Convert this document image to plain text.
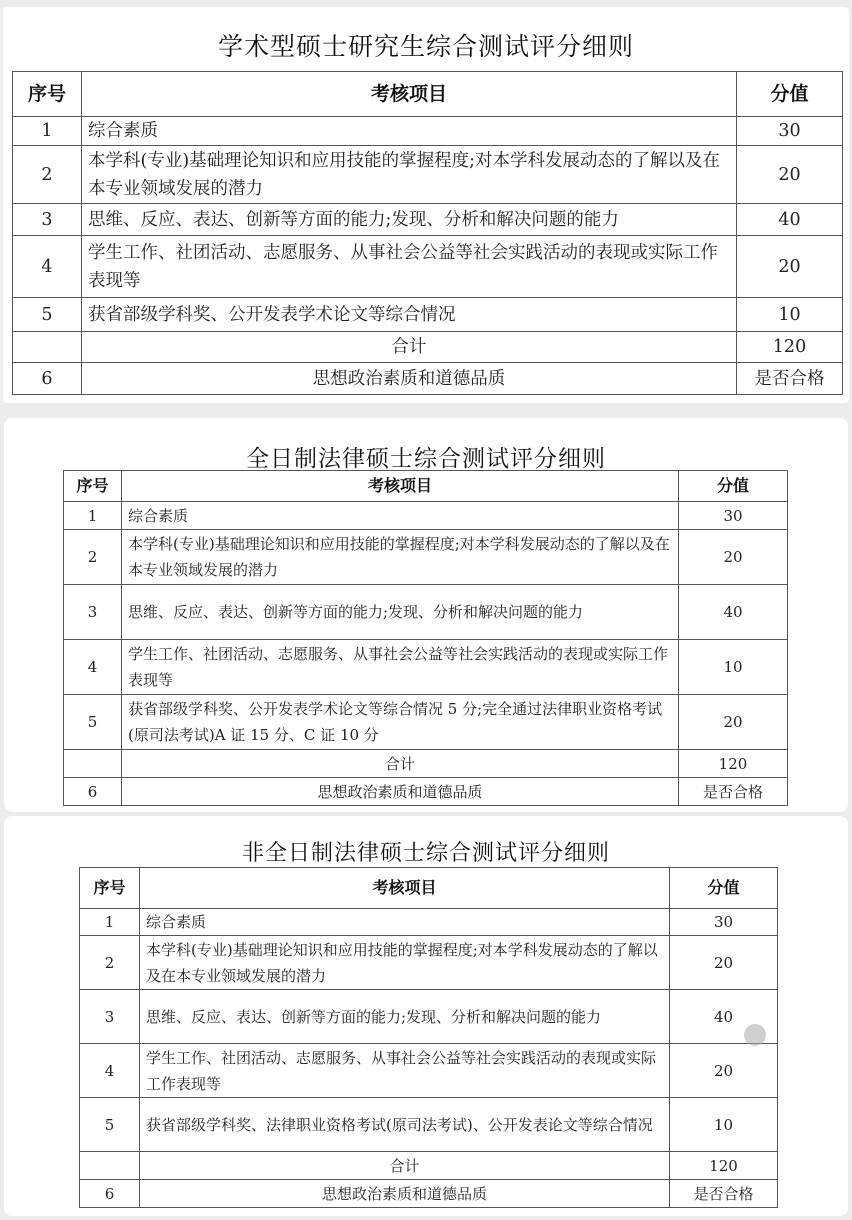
学术型硕士研究生综合测试评分细则
序号	考核项目	分值
1	综合素质	30
2	本学科(专业)基础理论知识和应用技能的掌握程度;对本学科发展动态的了解以及在本专业领域发展的潜力	20
3	思维、反应、表达、创新等方面的能力;发现、分析和解决问题的能力	40
4	学生工作、社团活动、志愿服务、从事社会公益等社会实践活动的表现或实际工作表现等	20
5	获省部级学科奖、公开发表学术论文等综合情况	10
	合计	120
6	思想政治素质和道德品质	是否合格
全日制法律硕士综合测试评分细则
序号	考核项目	分值
1	综合素质	30
2	本学科(专业)基础理论知识和应用技能的掌握程度;对本学科发展动态的了解以及在本专业领域发展的潜力	20
3	思维、反应、表达、创新等方面的能力;发现、分析和解决问题的能力	40
4	学生工作、社团活动、志愿服务、从事社会公益等社会实践活动的表现或实际工作表现等	10
5	获省部级学科奖、公开发表学术论文等综合情况 5 分;完全通过法律职业资格考试(原司法考试)A 证 15 分、C 证 10 分	20
	合计	120
6	思想政治素质和道德品质	是否合格
非全日制法律硕士综合测试评分细则
序号	考核项目	分值
1	综合素质	30
2	本学科(专业)基础理论知识和应用技能的掌握程度;对本学科发展动态的了解以及在本专业领域发展的潜力	20
3	思维、反应、表达、创新等方面的能力;发现、分析和解决问题的能力	40
4	学生工作、社团活动、志愿服务、从事社会公益等社会实践活动的表现或实际工作表现等	20
5	获省部级学科奖、法律职业资格考试(原司法考试)、公开发表论文等综合情况	10
	合计	120
6	思想政治素质和道德品质	是否合格
